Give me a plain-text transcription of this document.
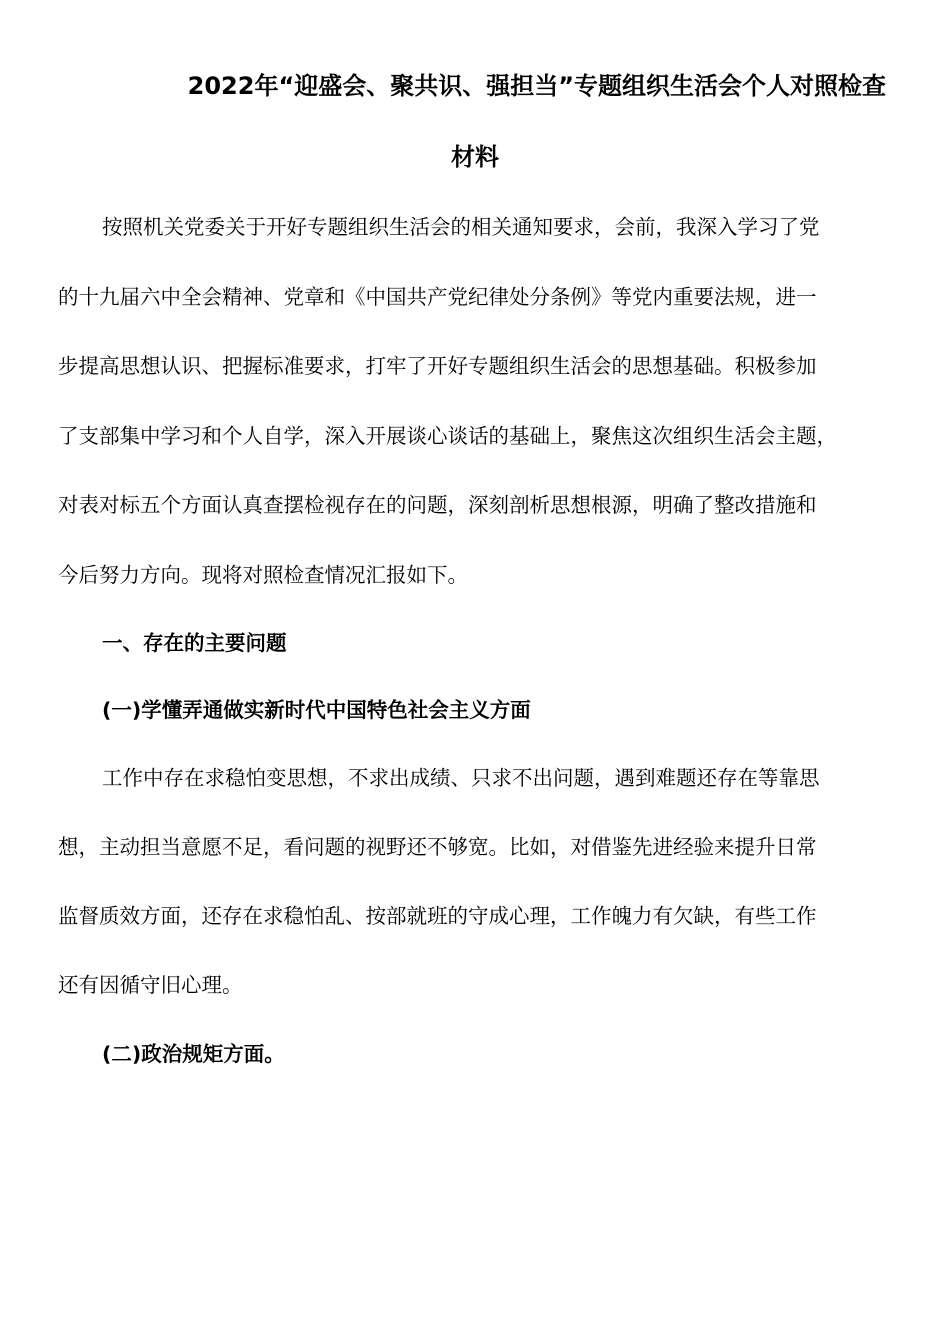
2022年“迎盛会、聚共识、强担当”专题组织生活会个人对照检查
材料
按照机关党委关于开好专题组织生活会的相关通知要求，会前，我深入学习了党
的十九届六中全会精神、党章和《中国共产党纪律处分条例》等党内重要法规，进一
步提高思想认识、把握标准要求，打牢了开好专题组织生活会的思想基础。积极参加
了支部集中学习和个人自学，深入开展谈心谈话的基础上，聚焦这次组织生活会主题，
对表对标五个方面认真查摆检视存在的问题，深刻剖析思想根源，明确了整改措施和
今后努力方向。现将对照检查情况汇报如下。
一、存在的主要问题
(一)学懂弄通做实新时代中国特色社会主义方面
工作中存在求稳怕变思想，不求出成绩、只求不出问题，遇到难题还存在等靠思
想，主动担当意愿不足，看问题的视野还不够宽。比如，对借鉴先进经验来提升日常
监督质效方面，还存在求稳怕乱、按部就班的守成心理，工作魄力有欠缺，有些工作
还有因循守旧心理。
(二)政治规矩方面。
